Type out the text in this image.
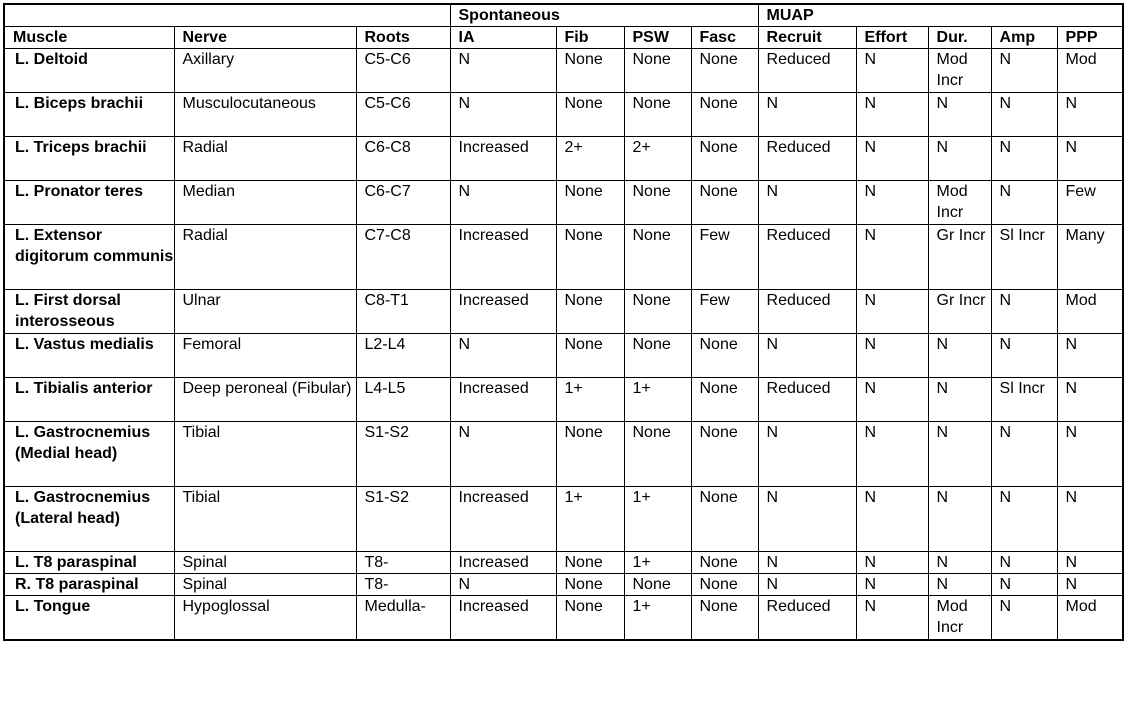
			Spontaneous				MUAP				
Muscle	Nerve	Roots	IA	Fib	PSW	Fasc	Recruit	Effort	Dur.	Amp	PPP
L. Deltoid	Axillary	C5-C6	N	None	None	None	Reduced	N	Mod Incr	N	Mod
L. Biceps brachii	Musculocutaneous	C5-C6	N	None	None	None	N	N	N	N	N
L. Triceps brachii	Radial	C6-C8	Increased	2+	2+	None	Reduced	N	N	N	N
L. Pronator teres	Median	C6-C7	N	None	None	None	N	N	Mod Incr	N	Few
L. Extensor digitorum communis	Radial	C7-C8	Increased	None	None	Few	Reduced	N	Gr Incr	Sl Incr	Many
L. First dorsal interosseous	Ulnar	C8-T1	Increased	None	None	Few	Reduced	N	Gr Incr	N	Mod
L. Vastus medialis	Femoral	L2-L4	N	None	None	None	N	N	N	N	N
L. Tibialis anterior	Deep peroneal (Fibular)	L4-L5	Increased	1+	1+	None	Reduced	N	N	Sl Incr	N
L. Gastrocnemius (Medial head)	Tibial	S1-S2	N	None	None	None	N	N	N	N	N
L. Gastrocnemius (Lateral head)	Tibial	S1-S2	Increased	1+	1+	None	N	N	N	N	N
L. T8 paraspinal	Spinal	T8-	Increased	None	1+	None	N	N	N	N	N
R. T8 paraspinal	Spinal	T8-	N	None	None	None	N	N	N	N	N
L. Tongue	Hypoglossal	Medulla-	Increased	None	1+	None	Reduced	N	Mod Incr	N	Mod
